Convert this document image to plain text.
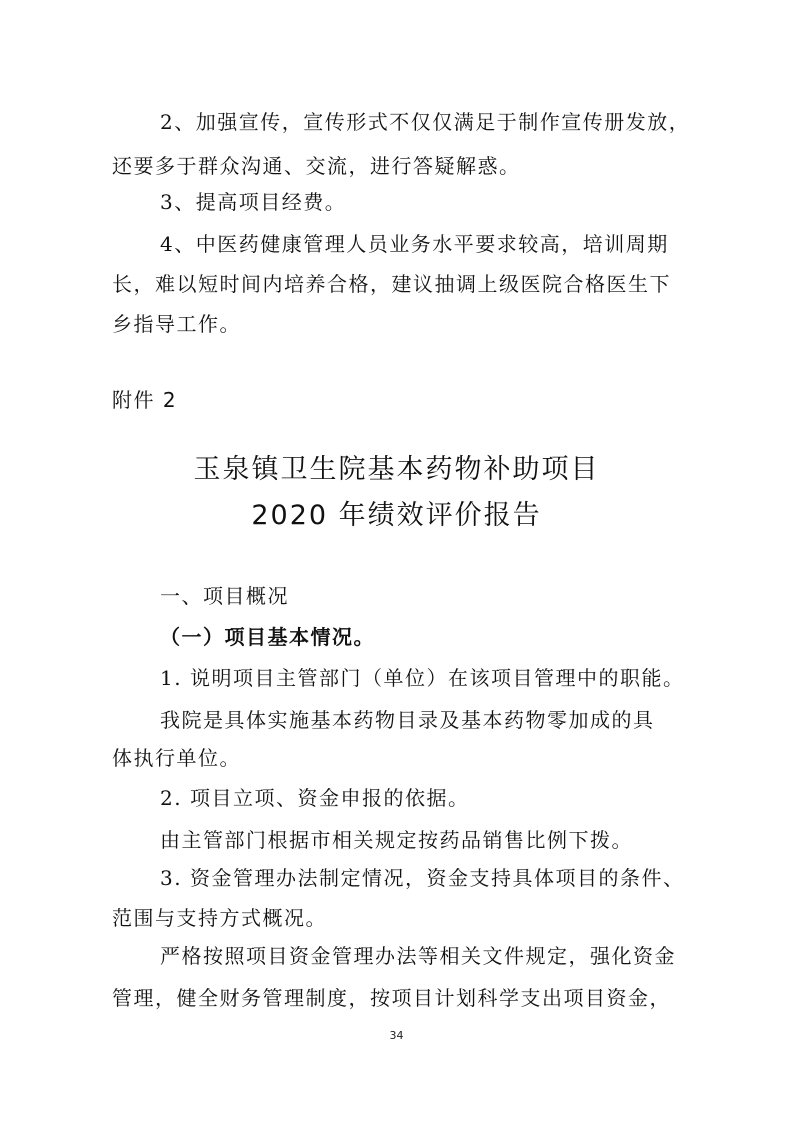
2、加强宣传，宣传形式不仅仅满足于制作宣传册发放，
还要多于群众沟通、交流，进行答疑解惑。
3、提高项目经费。
4、中医药健康管理人员业务水平要求较高，培训周期
长，难以短时间内培养合格，建议抽调上级医院合格医生下
乡指导工作。
附件 2
玉泉镇卫生院基本药物补助项目
2020 年绩效评价报告
一、项目概况
（一）项目基本情况。
1. 说明项目主管部门（单位）在该项目管理中的职能。
我院是具体实施基本药物目录及基本药物零加成的具
体执行单位。
2. 项目立项、资金申报的依据。
由主管部门根据市相关规定按药品销售比例下拨。
3. 资金管理办法制定情况，资金支持具体项目的条件、
范围与支持方式概况。
严格按照项目资金管理办法等相关文件规定，强化资金
管理，健全财务管理制度，按项目计划科学支出项目资金，
34
